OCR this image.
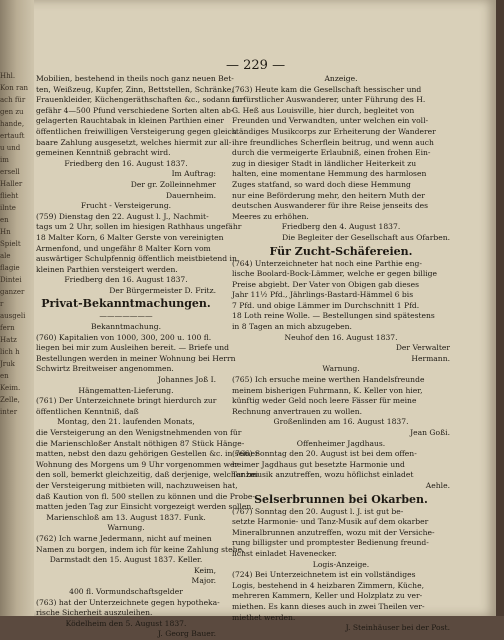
Hhl.
Kon ran
ach für
gen zu
hande,
ertauft
u und
im
ersell
Haller
flieht
ilnte
en
Hn
Spielt
ale
flagie
Dintei
ganzer
r
ausgeli
fern
Hatz
lich h
Jruk
en
Keim.
Zelle,
inter
— 229 —
Mobilien, bestehend in theils noch ganz neuen Bet-
ten, Weißzeug, Kupfer, Zinn, Bettstellen, Schränke,
Frauenkleider, Küchengeräthschaften &c., sodann un-
gefähr 4—500 Pfund verschiedene Sorten alten ab-
gelagerten Rauchtabak in kleinen Parthien einer
öffentlichen freiwilligen Versteigerung gegen gleich
baare Zahlung ausgesetzt, welches hiermit zur all-
gemeinen Kenntniß gebracht wird.
Friedberg den 16. August 1837.
Im Auftrag:
Der gr. Zolleinnehmer
Dauernheim.
Frucht - Versteigerung.
(759) Dienstag den 22. August l. J., Nachmit-
tags um 2 Uhr, sollen im hiesigen Rathhaus ungefähr
18 Malter Korn, 6 Malter Gerste von vereinigten
Armenfond, und ungefähr 8 Malter Korn vom
auswärtiger Schulpfennig öffentlich meistbietend in
kleinen Parthien versteigert werden.
Friedberg den 16. August 1837.
Der Bürgermeister D. Fritz.
Privat-Bekanntmachungen.
———————
Bekanntmachung.
(760) Kapitalien von 1000, 300, 200 u. 100 fl.
liegen bei mir zum Ausleihen bereit. — Briefe und
Bestellungen werden in meiner Wohnung bei Herrn
Schwirtz Breitweiser angenommen.
Johannes Joß I.
Hängematten-Lieferung.
(761) Der Unterzeichnete bringt hierdurch zur
öffentlichen Kenntniß, daß
Montag, den 21. laufenden Monats,
die Versteigerung an den Wenigstnehmenden von für
die Marienschloßer Anstalt nöthigen 87 Stück Hänge-
matten, nebst den dazu gehörigen Gestellen &c. in seiner
Wohnung des Morgens um 9 Uhr vorgenommen wer-
den soll, bemerkt gleichzeitig, daß derjenige, welcher bei
der Versteigerung mitbieten will, nachzuweisen hat,
daß Kaution von fl. 500 stellen zu können und die Probe-
matten jeden Tag zur Einsicht vorgezeigt werden sollen.
Marienschloß am 13. August 1837. Funk.
Warnung.
(762) Ich warne Jedermann, nicht auf meinen
Namen zu borgen, indem ich für keine Zahlung stehe.
Darmstadt den 15. August 1837. Keller.
Keim,
Major.
400 fl. Vormundschaftsgelder
(763) hat der Unterzeichnete gegen hypotheka-
rische Sicherheit auszuleihen.
Ködelheim den 5. August 1837.
J. Georg Bauer.
Anzeige.
(763) Heute kam die Gesellschaft hessischer und
furfürstlicher Auswanderer, unter Führung des H.
G. Heß aus Louisville, hier durch, begleitet von
Freunden und Verwandten, unter welchen ein voll-
ständiges Musikcorps zur Erheiterung der Wanderer
ihre freundliches Scherflein beitrug, und wenn auch
durch die vermeigerte Erlaubniß, einen frohen Ein-
zug in diesiger Stadt in ländlicher Heiterkeit zu
halten, eine momentane Hemmung des harmlosen
Zuges statfand, so ward doch diese Hemmung
nur eine Beförderung mehr, den heitern Muth der
deutschen Auswanderer für ihre Reise jenseits des
Meeres zu erhöhen.
Friedberg den 4. August 1837.
Die Begleiter der Gesellschaft aus Ofarben.
Für Zucht-Schäfereien.
(764) Unterzeichneter hat noch eine Parthie eng-
lische Boolard-Bock-Lämmer, welche er gegen billige
Preise abgiebt. Der Vater von Obigen gab dieses
Jahr 11½ Pfd., Jährlings-Bastard-Hämmel 6 bis
7 Pfd. und obige Lämmer im Durchschnitt 1 Pfd.
18 Loth reine Wolle. — Bestellungen sind spätestens
in 8 Tagen an mich abzugeben.
Neuhof den 16. August 1837.
Der Verwalter
Hermann.
Warnung.
(765) Ich ersuche meine werthen Handelsfreunde
meinem bisherigen Fuhrmann, K. Keller von hier,
künftig weder Geld noch leere Fässer für meine
Rechnung anvertrauen zu wollen.
Großenlinden am 16. August 1837.
Jean Goßi.
Offenheimer Jagdhaus.
(766) Sonntag den 20. August ist bei dem offen-
heimer Jagdhaus gut besetzte Harmonie und
Tanzmusik anzutreffen, wozu höflichst einladet
Aehle.
Selserbrunnen bei Okarben.
(767) Sonntag den 20. August l. J. ist gut be-
setzte Harmonie- und Tanz-Musik auf dem okarber
Mineralbrunnen anzutreffen, wozu mit der Versiche-
rung billigster und promptester Bedienung freund-
lichst einladet Havenecker.
Logis-Anzeige.
(724) Bei Unterzeichnetem ist ein vollständiges
Logis, bestehend in 4 heizbaren Zimmern, Küche,
mehreren Kammern, Keller und Holzplatz zu ver-
miethen. Es kann dieses auch in zwei Theilen ver-
miethet werden.
J. Steinhäuser bei der Post.
